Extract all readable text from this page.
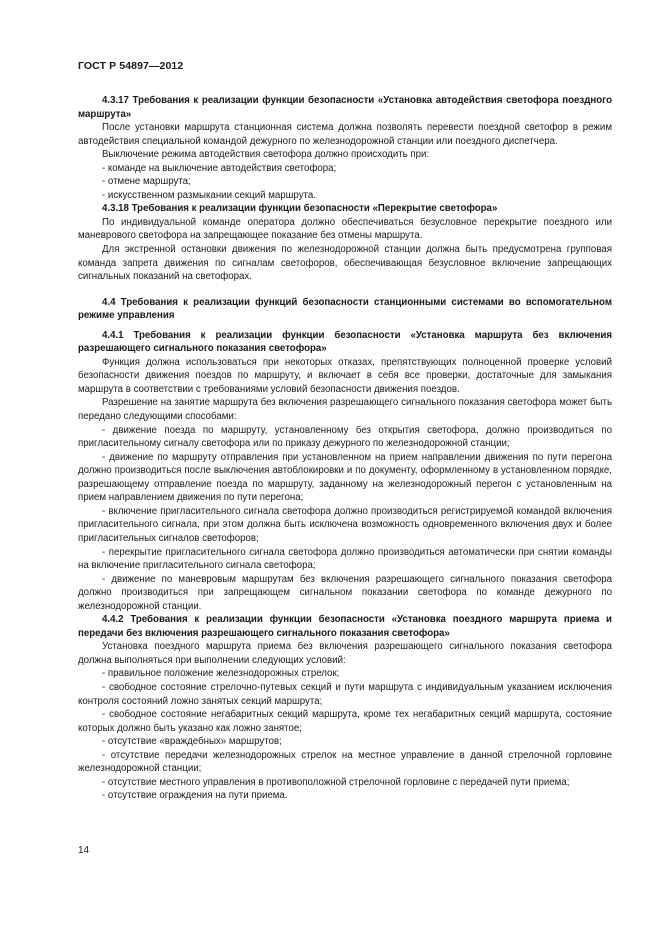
ГОСТ Р 54897—2012

4.3.17 Требования к реализации функции безопасности «Установка автодействия светофора поездного маршрута»

После установки маршрута станционная система должна позволять перевести поездной светофор в режим автодействия специальной командой дежурного по железнодорожной станции или поездного диспетчера.

Выключение режима автодействия светофора должно происходить при:

- команде на выключение автодействия светофора;

- отмене маршрута;

- искусственном размыкании секций маршрута.

4.3.18 Требования к реализации функции безопасности «Перекрытие светофора»

По индивидуальной команде оператора должно обеспечиваться безусловное перекрытие поездного или маневрового светофора на запрещающее показание без отмены маршрута.

Для экстренной остановки движения по железнодорожной станции должна быть предусмотрена групповая команда запрета движения по сигналам светофоров, обеспечивающая безусловное включение запрещающих сигнальных показаний на светофорах.

4.4 Требования к реализации функций безопасности станционными системами во вспомогательном режиме управления

4.4.1 Требования к реализации функции безопасности «Установка маршрута без включения разрешающего сигнального показания светофора»

Функция должна использоваться при некоторых отказах, препятствующих полноценной проверке условий безопасности движения поездов по маршруту, и включает в себя все проверки, достаточные для замыкания маршрута в соответствии с требованиями условий безопасности движения поездов.

Разрешение на занятие маршрута без включения разрешающего сигнального показания светофора может быть передано следующими способами:

- движение поезда по маршруту, установленному без открытия светофора, должно производиться по пригласительному сигналу светофора или по приказу дежурного по железнодорожной станции;

- движение по маршруту отправления при установленном на прием направлении движения по пути перегона должно производиться после выключения автоблокировки и по документу, оформленному в установленном порядке, разрешающему отправление поезда по маршруту, заданному на железнодорожный перегон с установленным на прием направлением движения по пути перегона;

- включение пригласительного сигнала светофора должно производиться регистрируемой командой включения пригласительного сигнала, при этом должна быть исключена возможность одновременного включения двух и более пригласительных сигналов светофоров;

- перекрытие пригласительного сигнала светофора должно производиться автоматически при снятии команды на включение пригласительного сигнала светофора;

- движение по маневровым маршрутам без включения разрешающего сигнального показания светофора должно производиться при запрещающем сигнальном показании светофора по команде дежурного по железнодорожной станции.

4.4.2 Требования к реализации функции безопасности «Установка поездного маршрута приема и передачи без включения разрешающего сигнального показания светофора»

Установка поездного маршрута приема без включения разрешающего сигнального показания светофора должна выполняться при выполнении следующих условий:

- правильное положение железнодорожных стрелок;

- свободное состояние стрелочно-путевых секций и пути маршрута с индивидуальным указанием исключения контроля состояний ложно занятых секций маршрута;

- свободное состояние негабаритных секций маршрута, кроме тех негабаритных секций маршрута, состояние которых должно быть указано как ложно занятое;

- отсутствие «враждебных» маршрутов;

- отсутствие передачи железнодорожных стрелок на местное управление в данной стрелочной горловине железнодорожной станции;

- отсутствие местного управления в противоположной стрелочной горловине с передачей пути приема;

- отсутствие ограждения на пути приема.

14
